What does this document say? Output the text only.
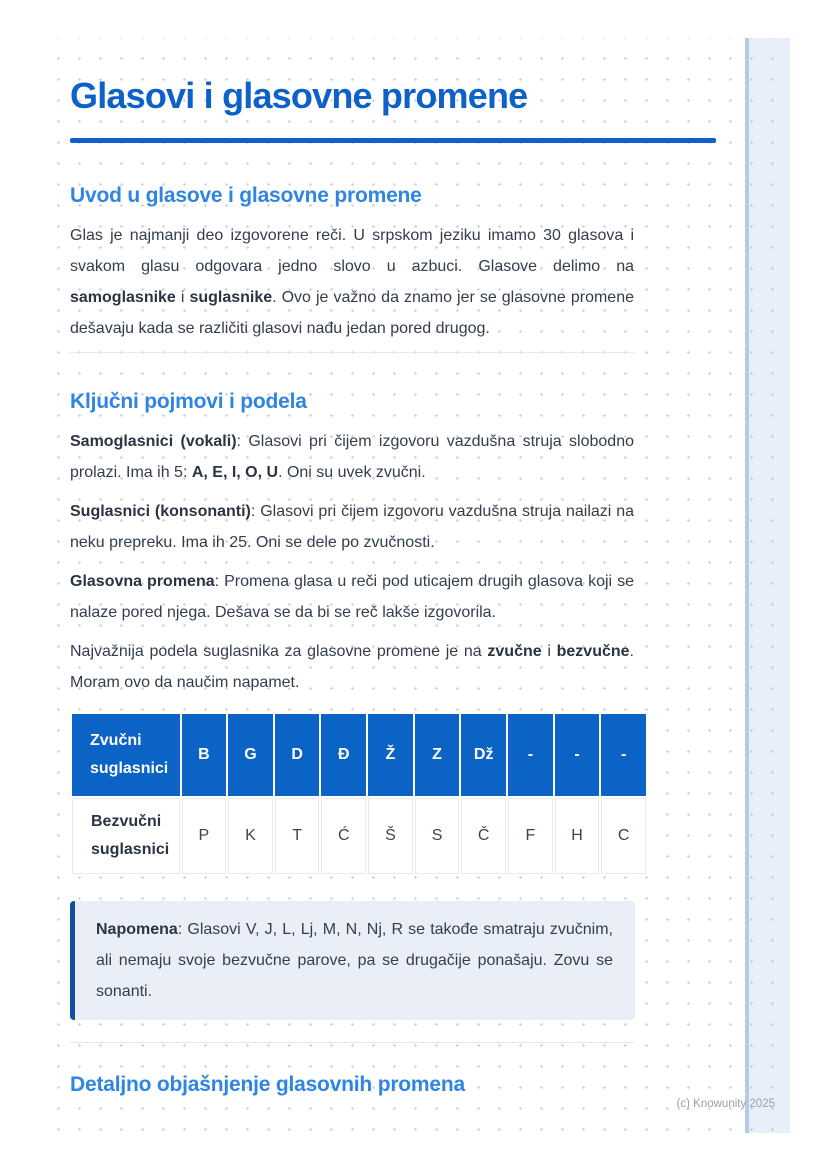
Glasovi i glasovne promene
Uvod u glasove i glasovne promene

Glas je najmanji deo izgovorene reči. U srpskom jeziku imamo 30 glasova i svakom glasu odgovara jedno slovo u azbuci. Glasove delimo na samoglasnike i suglasnike. Ovo je važno da znamo jer se glasovne promene dešavaju kada se različiti glasovi nađu jedan pored drugog.

Ključni pojmovi i podela

Samoglasnici (vokali): Glasovi pri čijem izgovoru vazdušna struja slobodno prolazi. Ima ih 5: A, E, I, O, U. Oni su uvek zvučni.

Suglasnici (konsonanti): Glasovi pri čijem izgovoru vazdušna struja nailazi na neku prepreku. Ima ih 25. Oni se dele po zvučnosti.

Glasovna promena: Promena glasa u reči pod uticajem drugih glasova koji se nalaze pored njega. Dešava se da bi se reč lakše izgovorila.

Najvažnija podela suglasnika za glasovne promene je na zvučne i bezvučne. Moram ovo da naučim napamet.

Zvučni suglasnici	B	G	D	Đ	Ž	Z	Dž	-	-	-
Bezvučni suglasnici	P	K	T	Ć	Š	S	Č	F	H	C

Napomena: Glasovi V, J, L, Lj, M, N, Nj, R se takođe smatraju zvučnim, ali nemaju svoje bezvučne parove, pa se drugačije ponašaju. Zovu se sonanti.

Detaljno objašnjenje glasovnih promena
(c) Knowunity 2025
